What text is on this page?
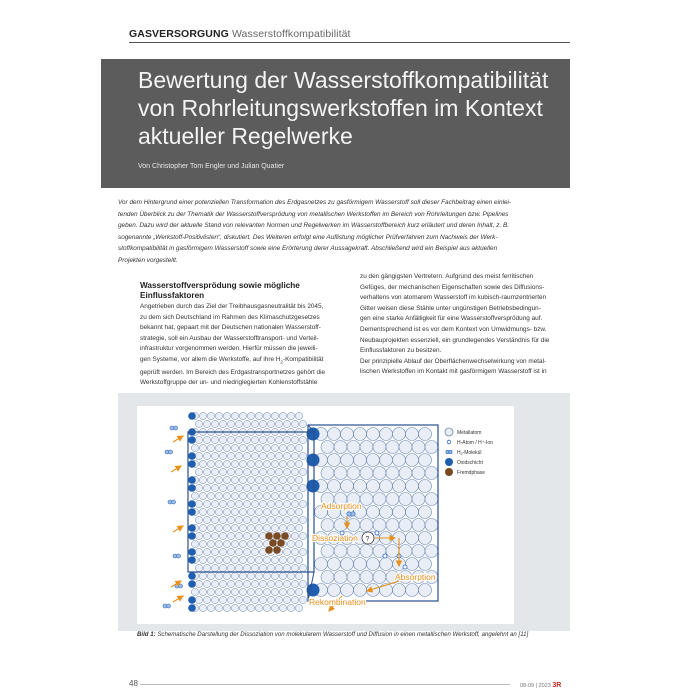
GASVERSORGUNG Wasserstoffkompatibilität
Bewertung der Wasserstoffkompatibilität
von Rohrleitungswerkstoffen im Kontext
aktueller Regelwerke
Von Christopher Tom Engler und Julian Quatier
Vor dem Hintergrund einer potenziellen Transformation des Erdgasnetzes zu gasförmigem Wasserstoff soll dieser Fachbeitrag einen einlei-
tenden Überblick zu der Thematik der Wasserstoffversprödung von metallischen Werkstoffen im Bereich von Rohrleitungen bzw. Pipelines
geben. Dazu wird der aktuelle Stand von relevanten Normen und Regelwerken im Wasserstoffbereich kurz erläutert und deren Inhalt, z. B.
sogenannte „Werkstoff-Positivlisten“, diskutiert. Des Weiteren erfolgt eine Auflistung möglicher Prüfverfahren zum Nachweis der Werk-
stoffkompatibilität in gasförmigem Wasserstoff sowie eine Erörterung derer Aussagekraft. Abschließend wird ein Beispiel aus aktuellen
Projekten vorgestellt.
Wasserstoffversprödung sowie mögliche
Einflussfaktoren
Angetrieben durch das Ziel der Treibhausgasneutralität bis 2045,
zu dem sich Deutschland im Rahmen des Klimaschutzgesetzes
bekannt hat, gepaart mit der Deutschen nationalen Wasserstoff-
strategie, soll ein Ausbau der Wasserstofftransport- und Verteil-
infrastruktur vorgenommen werden. Hierfür müssen die jeweili-
gen Systeme, vor allem die Werkstoffe, auf ihre $H_2$-Kompatibilität
geprüft werden. Im Bereich des Erdgastransportnetzes gehört die
Werkstoffgruppe der un- und niedriglegierten Kohlenstoffstähle
zu den gängigsten Vertretern. Aufgrund des meist ferritischen
Gefüges, der mechanischen Eigenschaften sowie des Diffusions-
verhaltens von atomarem Wasserstoff im kubisch-raumzentrierten
Gitter weisen diese Stähle unter ungünstigen Betriebsbedingun-
gen eine starke Anfälligkeit für eine Wasserstoffversprödung auf.
Dementsprechend ist es vor dem Kontext von Umwidmungs- bzw.
Neubauprojekten essenziell, ein grundlegendes Verständnis für die
Einflussfaktoren zu besitzen.
Der prinzipielle Ablauf der Oberflächenwechselwirkung von metal-
lischen Werkstoffen im Kontakt mit gasförmigem Wasserstoff ist in
Metallatom
H-Atom / H⁺-Ion
$H_2$-Molekül
Oxidschicht
Fremdphase
Adsorption
Dissoziation
Absorption
Rekombination
?
Bild 1: Schematische Darstellung der Dissoziation von molekularem Wasserstoff und Diffusion in einen metallischen Werkstoff, angelehnt an [11]
48	08-09 | 2023 3R
